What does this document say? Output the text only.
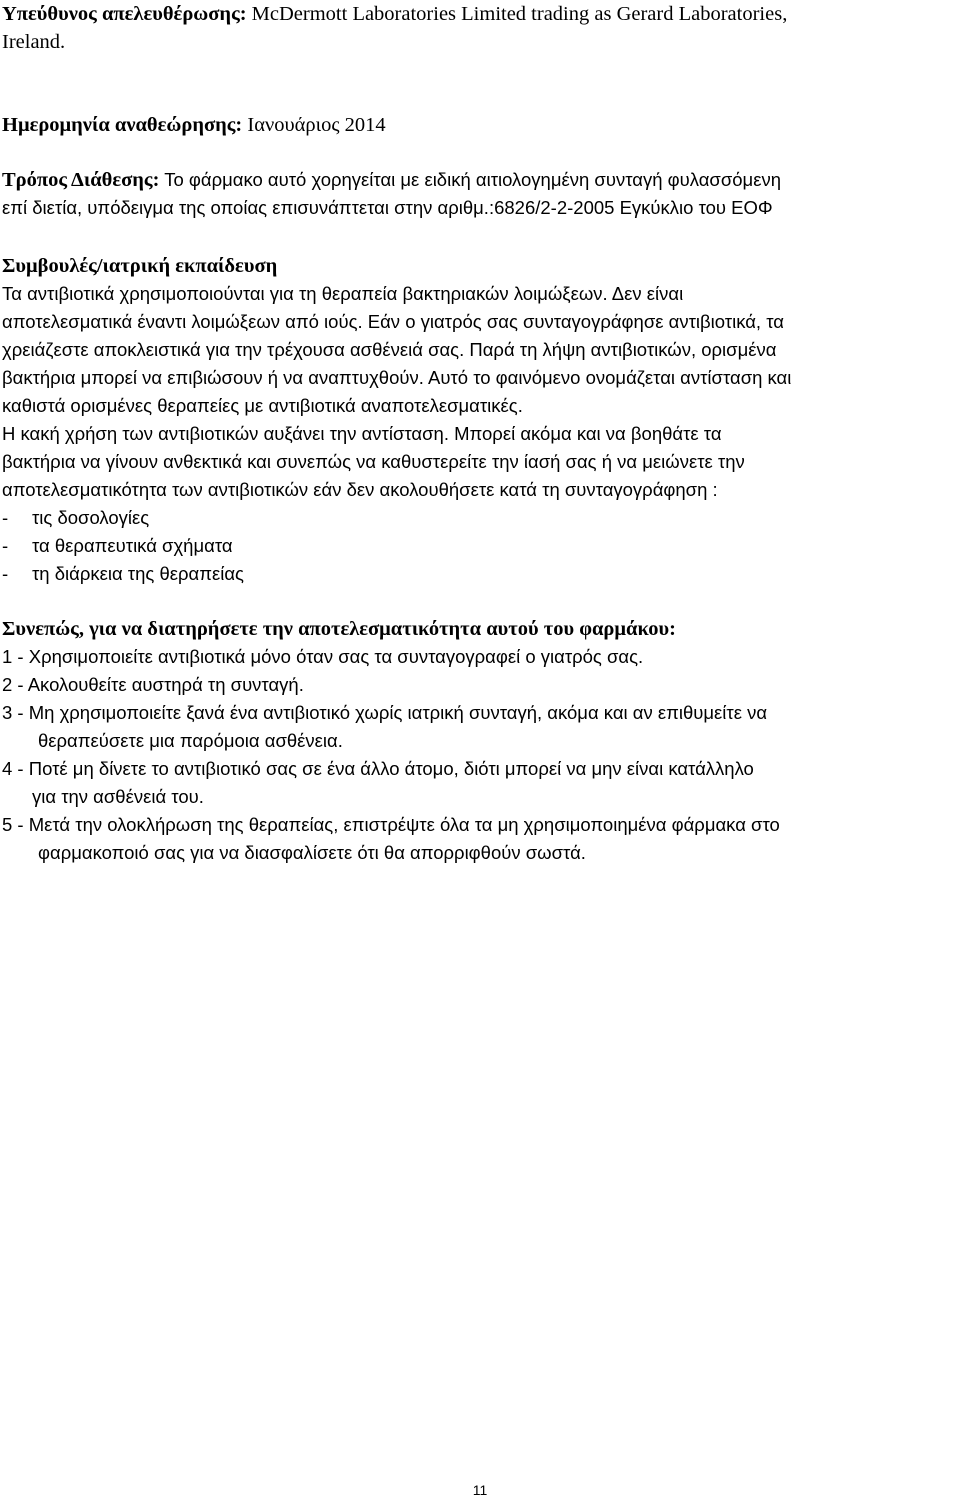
Υπεύθυνος απελευθέρωσης: McDermott Laboratories Limited trading as Gerard Laboratories,
Ireland.
Ημερομηνία αναθεώρησης: Ιανουάριος 2014
Τρόπος Διάθεσης: Το φάρμακο αυτό χορηγείται με ειδική αιτιολογημένη συνταγή φυλασσόμενη
επί διετία, υπόδειγμα της οποίας επισυνάπτεται στην αριθμ.:6826/2-2-2005 Εγκύκλιο του ΕΟΦ
Συμβουλές/ιατρική εκπαίδευση
Τα αντιβιοτικά χρησιμοποιούνται για τη θεραπεία βακτηριακών λοιμώξεων. Δεν είναι
αποτελεσματικά έναντι λοιμώξεων από ιούς. Εάν ο γιατρός σας συνταγογράφησε αντιβιοτικά, τα
χρειάζεστε αποκλειστικά για την τρέχουσα ασθένειά σας. Παρά τη λήψη αντιβιοτικών, ορισμένα
βακτήρια μπορεί να επιβιώσουν ή να αναπτυχθούν. Αυτό το φαινόμενο ονομάζεται αντίσταση και
καθιστά ορισμένες θεραπείες με αντιβιοτικά αναποτελεσματικές.
Η κακή χρήση των αντιβιοτικών αυξάνει την αντίσταση. Μπορεί ακόμα και να βοηθάτε τα
βακτήρια να γίνουν ανθεκτικά και συνεπώς να καθυστερείτε την ίασή σας ή να μειώνετε την
αποτελεσματικότητα των αντιβιοτικών εάν δεν ακολουθήσετε κατά τη συνταγογράφηση :
- τις δοσολογίες
- τα θεραπευτικά σχήματα
- τη διάρκεια της θεραπείας
Συνεπώς, για να διατηρήσετε την αποτελεσματικότητα αυτού του φαρμάκου:
1 - Χρησιμοποιείτε αντιβιοτικά μόνο όταν σας τα συνταγογραφεί ο γιατρός σας.
2 - Ακολουθείτε αυστηρά τη συνταγή.
3 - Μη χρησιμοποιείτε ξανά ένα αντιβιοτικό χωρίς ιατρική συνταγή, ακόμα και αν επιθυμείτε να
θεραπεύσετε μια παρόμοια ασθένεια.
4 - Ποτέ μη δίνετε το αντιβιοτικό σας σε ένα άλλο άτομο, διότι μπορεί να μην είναι κατάλληλο
για την ασθένειά του.
5 - Μετά την ολοκλήρωση της θεραπείας, επιστρέψτε όλα τα μη χρησιμοποιημένα φάρμακα στο
φαρμακοποιό σας για να διασφαλίσετε ότι θα απορριφθούν σωστά.
11
